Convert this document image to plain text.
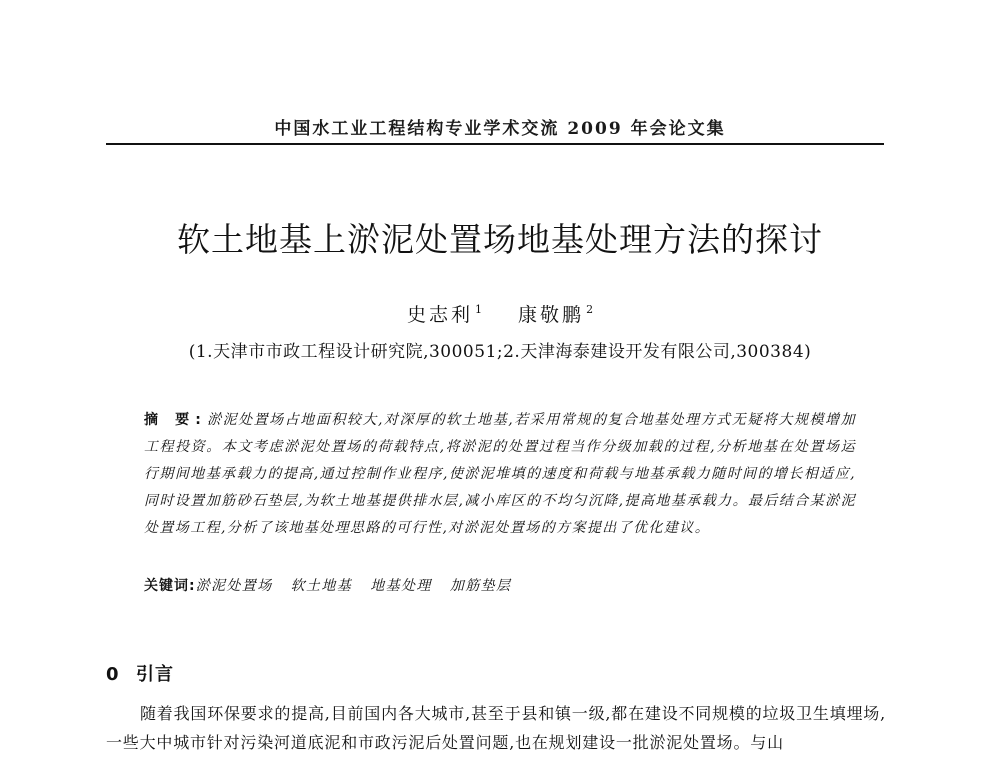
中国水工业工程结构专业学术交流 2009 年会论文集
软土地基上淤泥处置场地基处理方法的探讨
史志利 $^1$ 康敬鹏 $^2$
(1.天津市市政工程设计研究院,300051;2.天津海泰建设开发有限公司,300384)
摘 要:淤泥处置场占地面积较大,对深厚的软土地基,若采用常规的复合地基处理方式无疑将大规模增加工程投资。本文考虑淤泥处置场的荷载特点,将淤泥的处置过程当作分级加载的过程,分析地基在处置场运行期间地基承载力的提高,通过控制作业程序,使淤泥堆填的速度和荷载与地基承载力随时间的增长相适应,同时设置加筋砂石垫层,为软土地基提供排水层,减小库区的不均匀沉降,提高地基承载力。最后结合某淤泥处置场工程,分析了该地基处理思路的可行性,对淤泥处置场的方案提出了优化建议。
关键词:淤泥处置场 软土地基 地基处理 加筋垫层
0 引言

随着我国环保要求的提高,目前国内各大城市,甚至于县和镇一级,都在建设不同规模的垃圾卫生填埋场,一些大中城市针对污染河道底泥和市政污泥后处置问题,也在规划建设一批淤泥处置场。与山
